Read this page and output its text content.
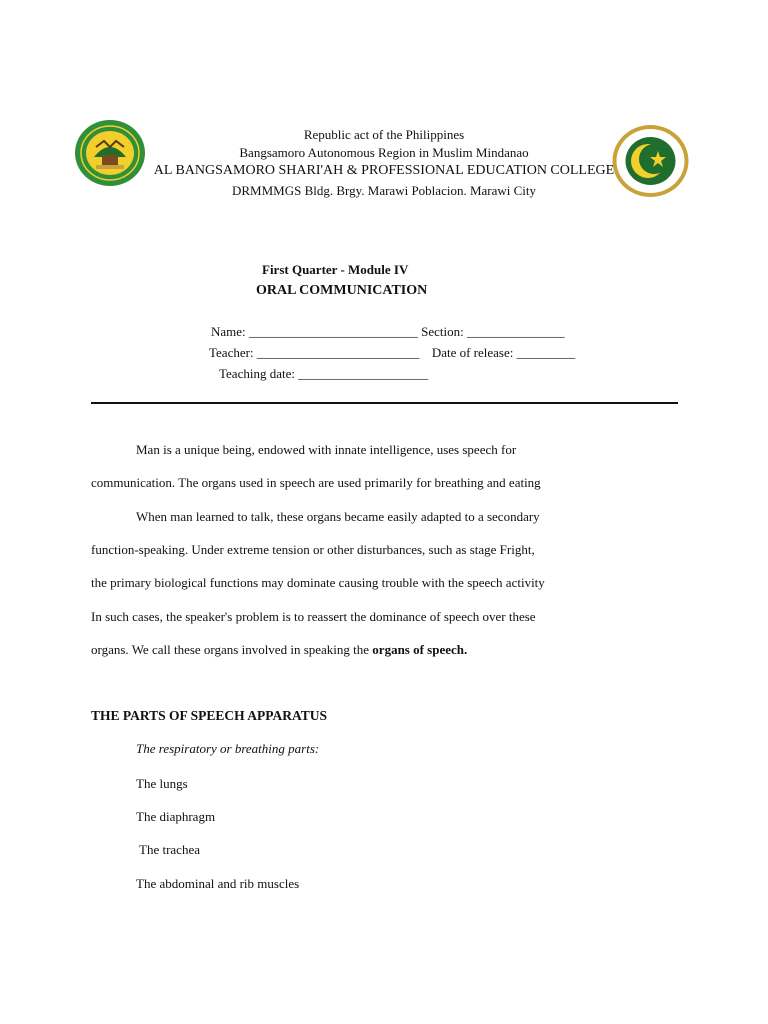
Republic act of the Philippines
Bangsamoro Autonomous Region in Muslim Mindanao
AL BANGSAMORO SHARI'AH & PROFESSIONAL EDUCATION COLLEGE
DRMMMGS Bldg. Brgy. Marawi Poblacion. Marawi City
First Quarter - Module IV
ORAL COMMUNICATION
Name: __________________________ Section: _______________
Teacher: _________________________ Date of release: _________
Teaching date: ____________________
Man is a unique being, endowed with innate intelligence, uses speech for
communication. The organs used in speech are used primarily for breathing and eating
When man learned to talk, these organs became easily adapted to a secondary
function-speaking. Under extreme tension or other disturbances, such as stage Fright,
the primary biological functions may dominate causing trouble with the speech activity
In such cases, the speaker's problem is to reassert the dominance of speech over these
organs. We call these organs involved in speaking the organs of speech.
THE PARTS OF SPEECH APPARATUS
The respiratory or breathing parts:
The lungs
The diaphragm
The trachea
The abdominal and rib muscles
